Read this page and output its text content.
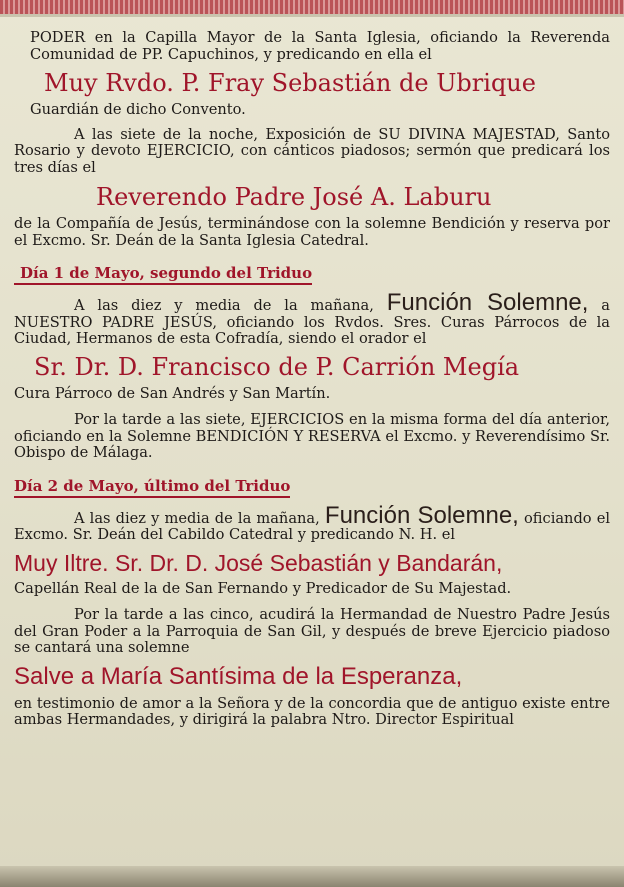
PODER en la Capilla Mayor de la Santa Iglesia, oficiando la Reverenda Comunidad de PP. Capuchinos, y predicando en ella el

Muy Rvdo. P. Fray Sebastián de Ubrique

Guardián de dicho Convento.

A las siete de la noche, Exposición de SU DIVINA MAJESTAD, Santo Rosario y devoto EJERCICIO, con cánticos piadosos; sermón que predicará los tres días el

Reverendo Padre José A. Laburu

de la Compañía de Jesús, terminándose con la solemne Bendición y reserva por el Excmo. Sr. Deán de la Santa Iglesia Catedral.

Día 1 de Mayo, segundo del Triduo

A las diez y media de la mañana, Función Solemne, a NUESTRO PADRE JESÚS, oficiando los Rvdos. Sres. Curas Párrocos de la Ciudad, Hermanos de esta Cofradía, siendo el orador el

Sr. Dr. D. Francisco de P. Carrión Megía

Cura Párroco de San Andrés y San Martín.

Por la tarde a las siete, EJERCICIOS en la misma forma del día anterior, oficiando en la Solemne BENDICIÓN Y RESERVA el Excmo. y Reverendísimo Sr. Obispo de Málaga.

Día 2 de Mayo, último del Triduo

A las diez y media de la mañana, Función Solemne, oficiando el Excmo. Sr. Deán del Cabildo Catedral y predicando N. H. el

Muy Iltre. Sr. Dr. D. José Sebastián y Bandarán,

Capellán Real de la de San Fernando y Predicador de Su Majestad.

Por la tarde a las cinco, acudirá la Hermandad de Nuestro Padre Jesús del Gran Poder a la Parroquia de San Gil, y después de breve Ejercicio piadoso se cantará una solemne

Salve a María Santísima de la Esperanza,

en testimonio de amor a la Señora y de la concordia que de antiguo existe entre ambas Hermandades, y dirigirá la palabra Ntro. Director Espiritual
